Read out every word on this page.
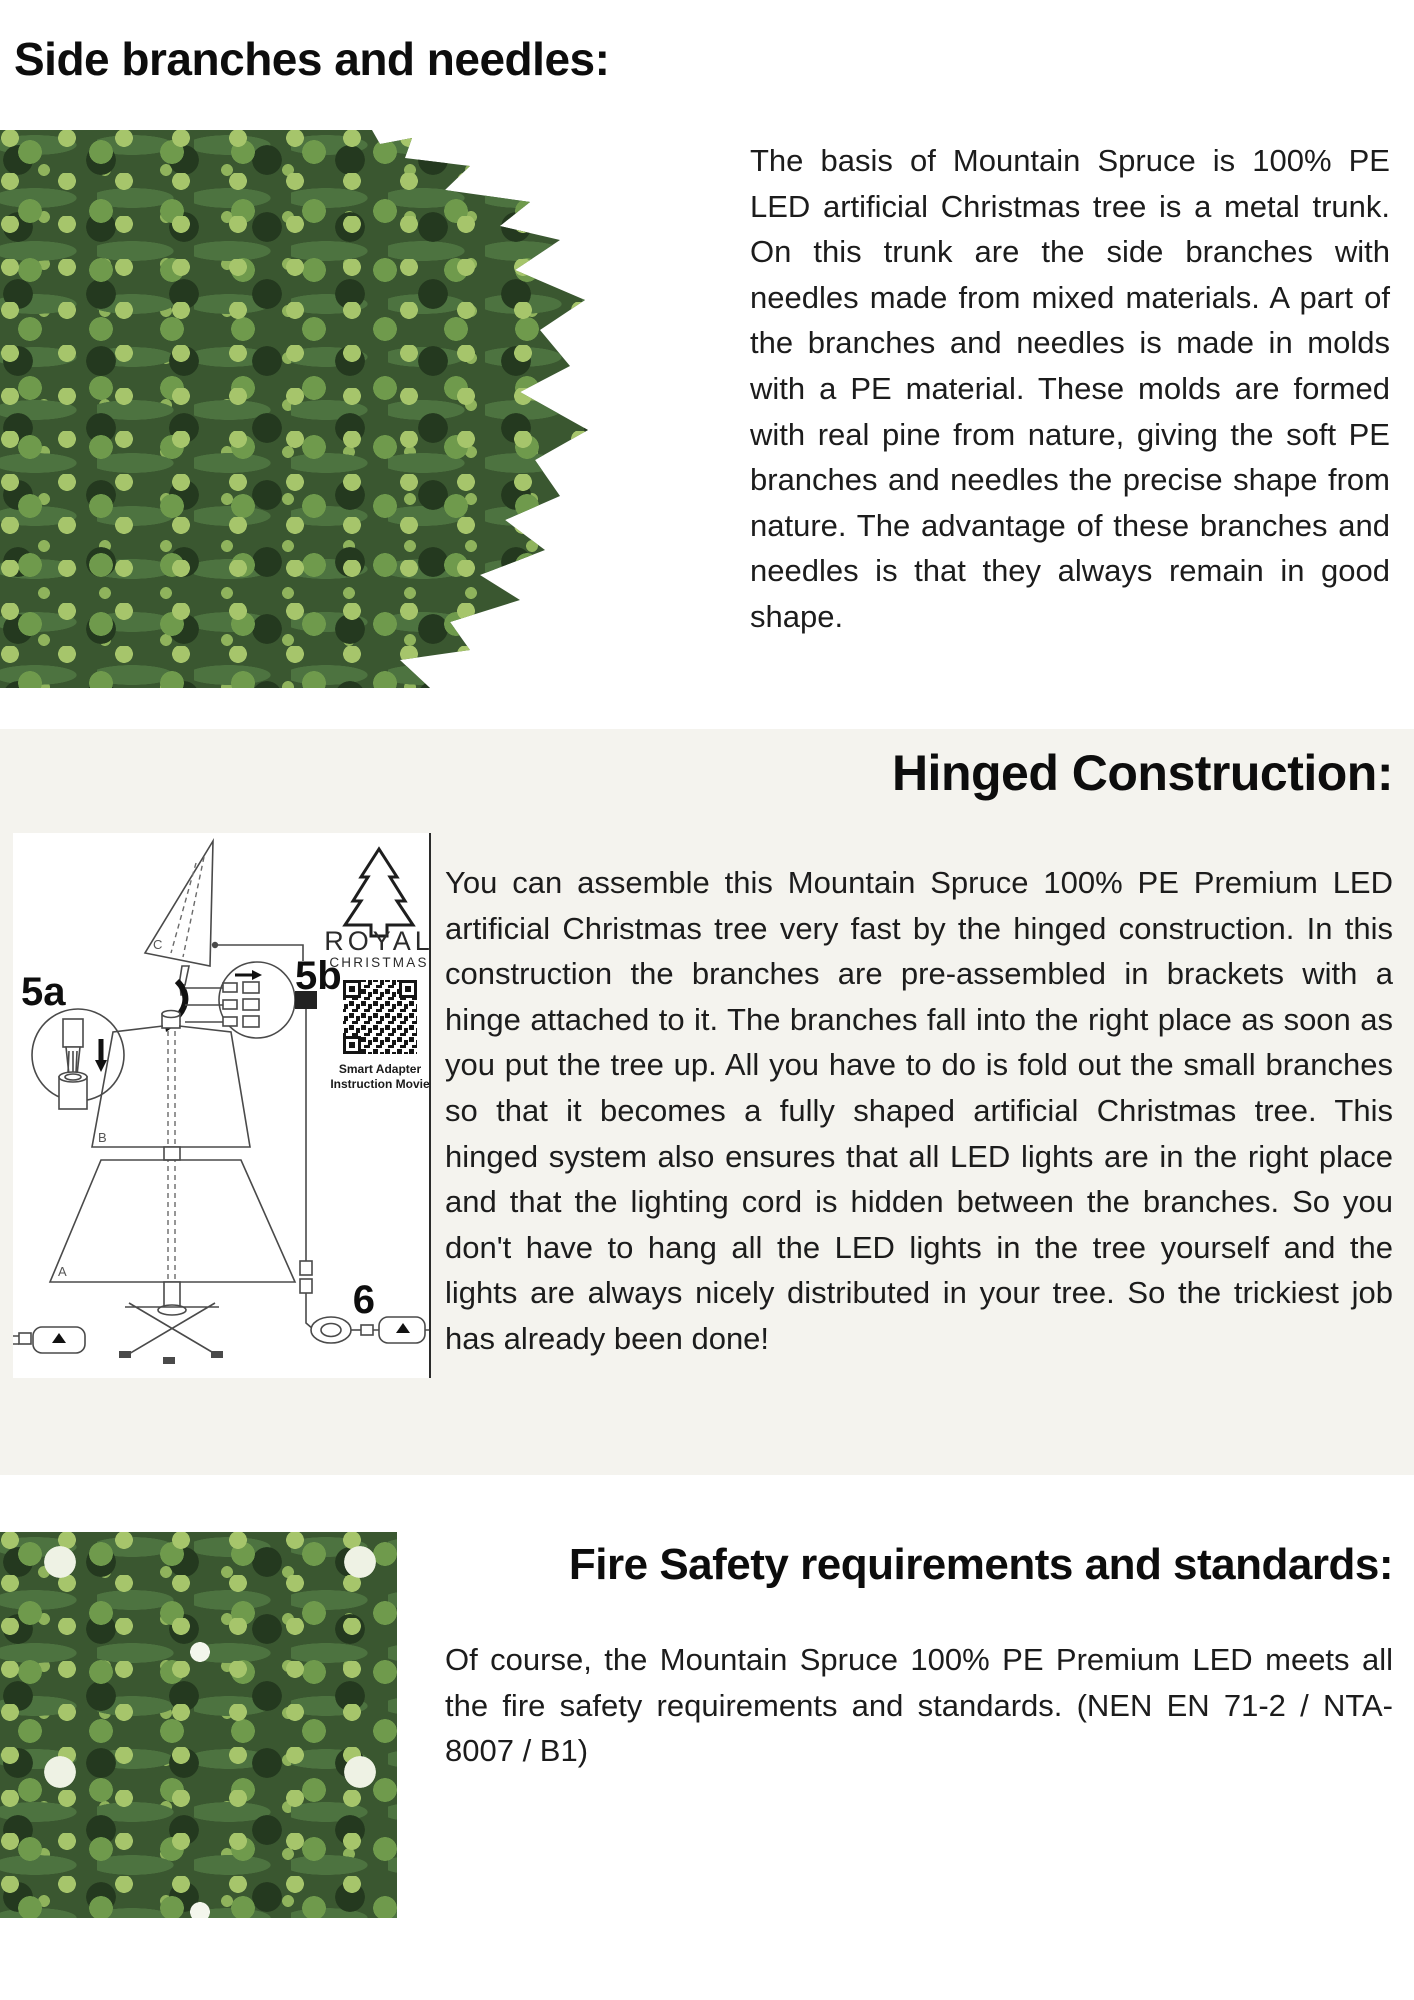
Side branches and needles:

The basis of Mountain Spruce is 100% PE LED artificial Christmas tree is a metal trunk. On this trunk are the side branches with needles made from mixed materials. A part of the branches and needles is made in molds with a PE material. These molds are formed with real pine from nature, giving the soft PE branches and needles the precise shape from nature. The advantage of these branches and needles is that they always remain in good shape.

Hinged Construction:
C
B
A
5a	5b
6
ROYAL
CHRISTMAS
Smart Adapter
Instruction Movie

You can assemble this Mountain Spruce 100% PE Premium LED artificial Christmas tree very fast by the hinged construction. In this construction the branches are pre-assembled in brackets with a hinge attached to it. The branches fall into the right place as soon as you put the tree up. All you have to do is fold out the small branches so that it becomes a fully shaped artificial Christmas tree. This hinged system also ensures that all LED lights are in the right place and that the lighting cord is hidden between the branches. So you don't have to hang all the LED lights in the tree yourself and the lights are always nicely distributed in your tree. So the trickiest job has already been done!

Fire Safety requirements and standards:

Of course, the Mountain Spruce 100% PE Premium LED meets all the fire safety requirements and standards. (NEN EN 71-2 / NTA-8007 / B1)
